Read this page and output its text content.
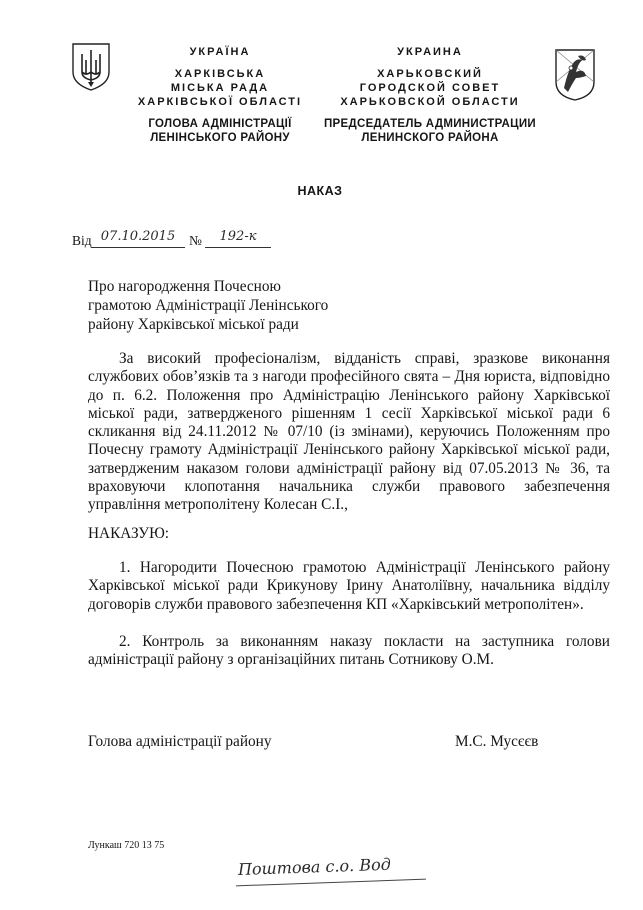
УКРАЇНА
ХАРКІВСЬКА
МІСЬКА РАДА
ХАРКІВСЬКОЇ ОБЛАСТІ
ГОЛОВА АДМІНІСТРАЦІЇ
ЛЕНІНСЬКОГО РАЙОНУ
УКРАИНА
ХАРЬКОВСКИЙ
ГОРОДСКОЙ СОВЕТ
ХАРЬКОВСКОЙ ОБЛАСТИ
ПРЕДСЕДАТЕЛЬ АДМИНИСТРАЦИИ
ЛЕНИНСКОГО РАЙОНА
НАКАЗ
Від 07.10.2015	№	192-к
Про нагородження Почесною
грамотою Адміністрації Ленінського
району Харківської міської ради
За високий професіоналізм, відданість справі, зразкове виконання службових обов’язків та з нагоди професійного свята – Дня юриста, відповідно до п. 6.2. Положення про Адміністрацію Ленінського району Харківської міської ради, затвердженого рішенням 1 сесії Харківської міської ради 6 скликання від 24.11.2012 № 07/10 (із змінами), керуючись Положенням про Почесну грамоту Адміністрації Ленінського району Харківської міської ради, затвердженим наказом голови адміністрації району від 07.05.2013 № 36, та враховуючи клопотання начальника служби правового забезпечення управління метрополітену Колесан С.І.,
НАКАЗУЮ:
1. Нагородити Почесною грамотою Адміністрації Ленінського району Харківської міської ради Крикунову Ірину Анатоліївну, начальника відділу договорів служби правового забезпечення КП «Харківський метрополітен».
2. Контроль за виконанням наказу покласти на заступника голови адміністрації району з організаційних питань Сотникову О.М.
Голова адміністрації району	М.С. Мусєєв
Лункаш 720 13 75
Поштова с.о. Вод
